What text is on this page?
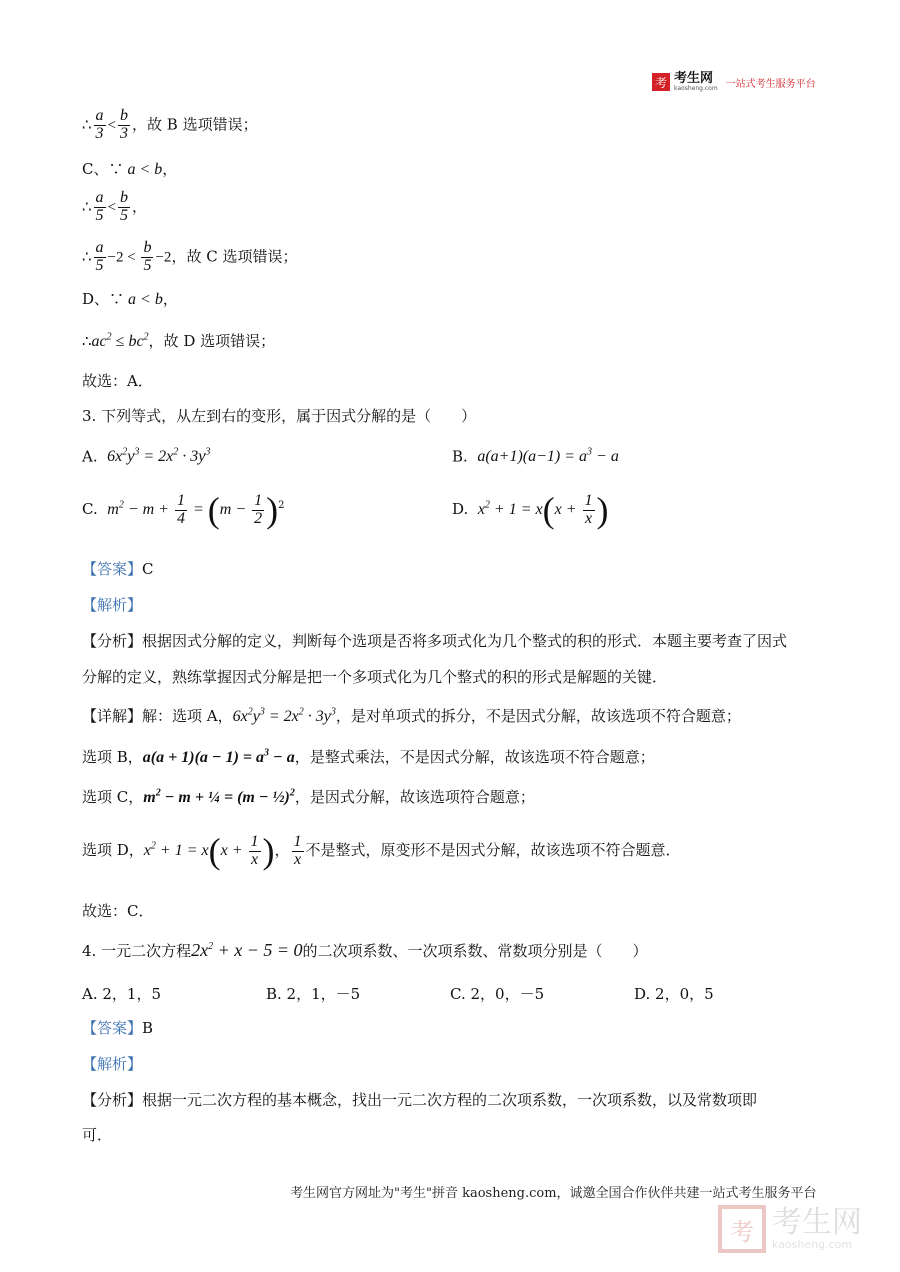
考 考生网
kaosheng.com 一站式考生服务平台
∴ $\frac{a}{3} < \frac{b}{3}$ ，故 B 选项错误；
C、∵ a < b，
∴ $\frac{a}{5} < \frac{b}{5}$ ，
∴ $\frac{a}{5} -2 < \frac{b}{5} -2$，故 C 选项错误；
D、∵ a < b，
$\therefore ac^2 \le bc^2$，故 D 选项错误；
故选：A．
3. 下列等式，从左到右的变形，属于因式分解的是（　　）
A. $6x^2y^3 = 2x^2 \cdot 3y^3$	B. $a(a+1)(a-1) = a^3 - a$
C. $m^2 - m + \frac{1}{4} = (m - \frac{1}{2} )^2$	D. $x^2 + 1 = x(x + \frac{1}{x}$ )
【答案】C
【解析】
【分析】根据因式分解的定义，判断每个选项是否将多项式化为几个整式的积的形式．本题主要考查了因式
分解的定义，熟练掌握因式分解是把一个多项式化为几个整式的积的形式是解题的关键．
【详解】解：选项 A，$6x^2y^3 = 2x^2 \cdot 3y^3$，是对单项式的拆分，不是因式分解，故该选项不符合题意；
选项 B，$a(a + 1)(a - 1) = a^3 - a$，是整式乘法，不是因式分解，故该选项不符合题意；
选项 C，$m^2 - m$ + ¼ = (m − ½)$^2$，是因式分解，故该选项符合题意；
选项 D，$x^2 + 1 = x(x + \frac{1}{x}$ )， $\frac{1}{x}$ 不是整式，原变形不是因式分解，故该选项不符合题意．
故选：C．
4. 一元二次方程$2x^2 + x - 5 = 0$的二次项系数、一次项系数、常数项分别是（　　）
A. 2，1，5	B. 2，1，－5	C. 2，0，－5	D. 2，0，5
【答案】B
【解析】
【分析】根据一元二次方程的基本概念，找出一元二次方程的二次项系数，一次项系数，以及常数项即
可．
考生网官方网址为"考生"拼音 kaosheng.com，诚邀全国合作伙伴共建一站式考生服务平台
考 考生网
kaosheng.com
